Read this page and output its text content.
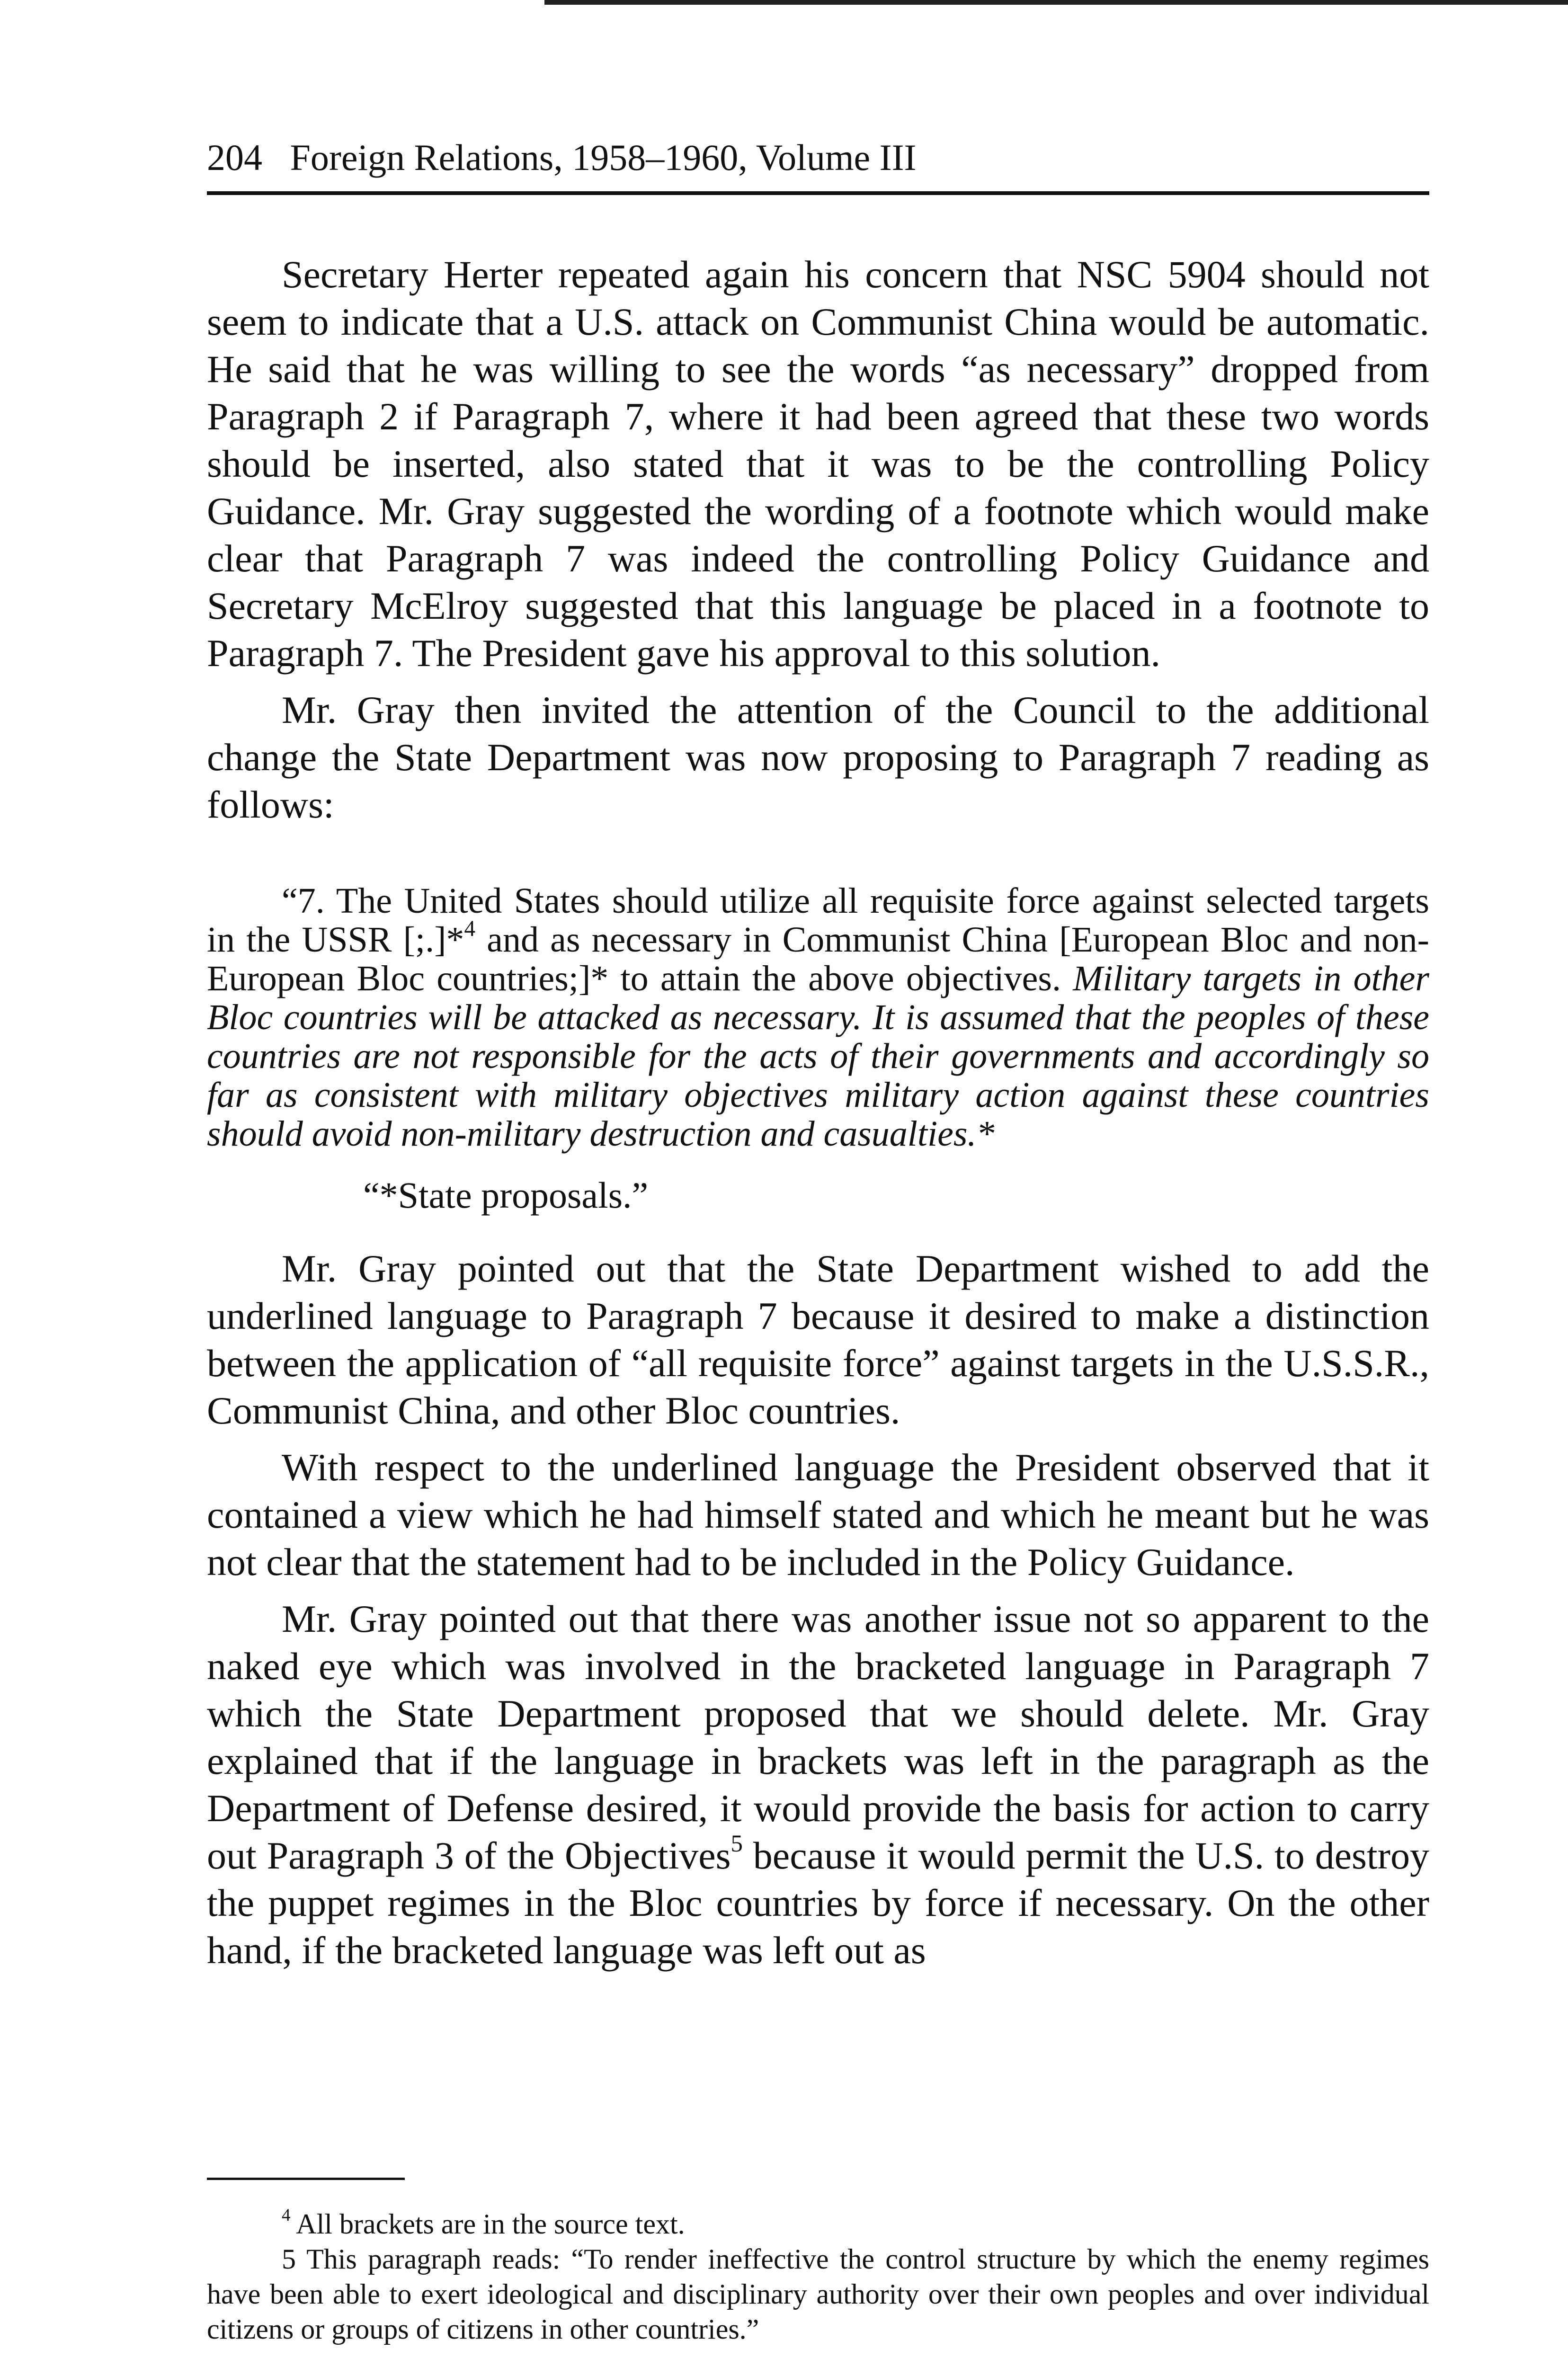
204 Foreign Relations, 1958–1960, Volume III

Secretary Herter repeated again his concern that NSC 5904 should not seem to indicate that a U.S. attack on Communist China would be automatic. He said that he was willing to see the words “as necessary” dropped from Paragraph 2 if Paragraph 7, where it had been agreed that these two words should be inserted, also stated that it was to be the controlling Policy Guidance. Mr. Gray suggested the wording of a footnote which would make clear that Paragraph 7 was indeed the controlling Policy Guidance and Secretary McElroy suggested that this language be placed in a footnote to Paragraph 7. The President gave his approval to this solution.

Mr. Gray then invited the attention of the Council to the additional change the State Department was now proposing to Paragraph 7 reading as follows:

“7. The United States should utilize all requisite force against selected targets in the USSR [;.]*$^4$ and as necessary in Communist China [European Bloc and non-European Bloc countries;]* to attain the above objectives. Military targets in other Bloc countries will be attacked as necessary. It is assumed that the peoples of these countries are not responsible for the acts of their governments and accordingly so far as consistent with military objectives military action against these countries should avoid non-military destruction and casualties.*
“*State proposals.”

Mr. Gray pointed out that the State Department wished to add the underlined language to Paragraph 7 because it desired to make a distinction between the application of “all requisite force” against targets in the U.S.S.R., Communist China, and other Bloc countries.

With respect to the underlined language the President observed that it contained a view which he had himself stated and which he meant but he was not clear that the statement had to be included in the Policy Guidance.

Mr. Gray pointed out that there was another issue not so apparent to the naked eye which was involved in the bracketed language in Paragraph 7 which the State Department proposed that we should delete. Mr. Gray explained that if the language in brackets was left in the paragraph as the Department of Defense desired, it would provide the basis for action to carry out Paragraph 3 of the Objectives$^5$ because it would permit the U.S. to destroy the puppet regimes in the Bloc countries by force if necessary. On the other hand, if the bracketed language was left out as

$^4$ All brackets are in the source text.

5 This paragraph reads: “To render ineffective the control structure by which the enemy regimes have been able to exert ideological and disciplinary authority over their own peoples and over individual citizens or groups of citizens in other countries.”
